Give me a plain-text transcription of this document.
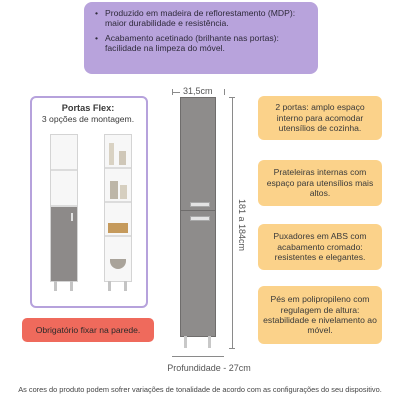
• Produzido em madeira de reflorestamento (MDP): maior durabilidade e resistência.
• Acabamento acetinado (brilhante nas portas): facilidade na limpeza do móvel.
Portas Flex:
3 opções de montagem.
31,5cm
181 a 184cm
Profundidade - 27cm
2 portas: amplo espaço interno para acomodar utensílios de cozinha.
Prateleiras internas com espaço para utensílios mais altos.
Puxadores em ABS com acabamento cromado: resistentes e elegantes.
Pés em polipropileno com regulagem de altura: estabilidade e nivelamento ao móvel.
Obrigatório fixar na parede.
As cores do produto podem sofrer variações de tonalidade de acordo com as configurações do seu dispositivo.
